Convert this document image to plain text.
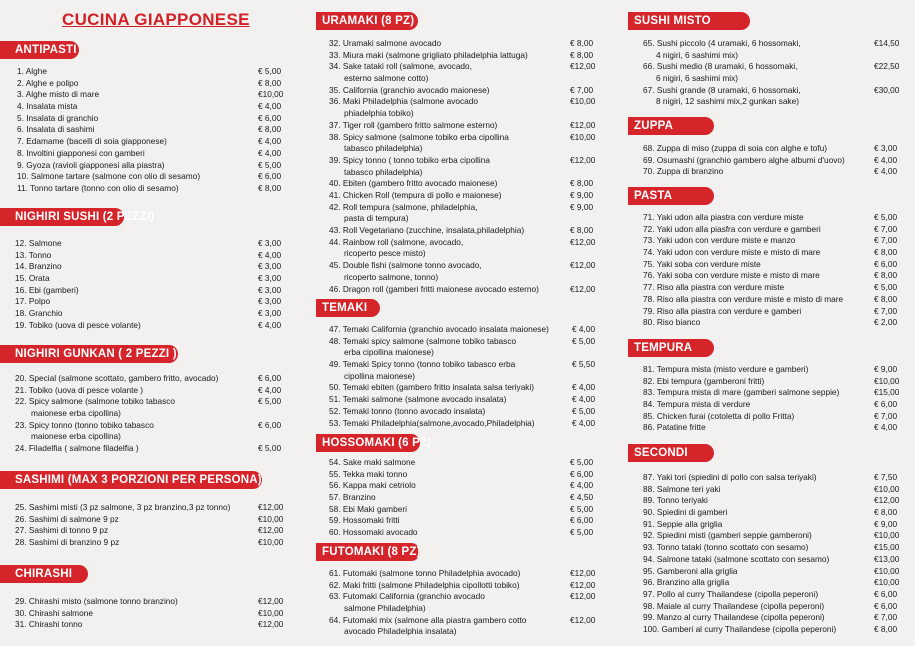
CUCINA GIAPPONESE
ANTIPASTI
1. Alghe	€ 5,00
2. Alghe e polipo	€ 8,00
3. Alghe misto di mare	€10,00
4. Insalata mista	€ 4,00
5. Insalata di granchio	€ 6,00
6. Insalata di sashimi	€ 8,00
7. Edamame (bacelli di soia giapponese)	€ 4,00
8. Involtini giapponesi con gamberi	€ 4,00
9. Gyoza (ravioli giapponesi alla piastra)	€ 5,00
10. Salmone tartare (salmone con olio di sesamo)	€ 6,00
11. Tonno tartare (tonno con olio di sesamo)	€ 8,00
NIGHIRI SUSHI (2 PEZZI)
12. Salmone	€ 3,00
13. Tonno	€ 4,00
14. Branzino	€ 3,00
15. Orata	€ 3,00
16. Ebi (gamberi)	€ 3,00
17. Polpo	€ 3,00
18. Granchio	€ 3,00
19. Tobiko (uova di pesce volante)	€ 4,00
NIGHIRI GUNKAN ( 2 PEZZI )
20. Special (salmone scottato, gambero fritto, avocado)	€ 6,00
21. Tobiko (uova di pesce volante )	€ 4,00
22. Spicy salmone (salmone tobiko tabasco
maionese erba cipollina)
€ 5,00
23. Spicy tonno (tonno tobiko tabasco
maionese erba cipollina)
€ 6,00
24. Filadelfia ( salmone filadelfia )	€ 5,00
SASHIMI (MAX 3 PORZIONI PER PERSONA)
25. Sashimi misti (3 pz salmone, 3 pz branzino,3 pz tonno)	€12,00
26. Sashimi di salmone 9 pz	€10,00
27. Sashimi di tonno 9 pz	€12,00
28. Sashimi di branzino 9 pz	€10,00
CHIRASHI
29. Chirashi misto (salmone tonno branzino)	€12,00
30. Chirashi salmone	€10,00
31. Chirashi tonno	€12,00
URAMAKI (8 PZ)
32. Uramaki salmone avocado	€ 8,00
33. Miura maki (salmone grigliato philadelphia lattuga)	€ 8,00
34. Sake tataki roll (salmone, avocado,
esterno salmone cotto)
€12,00
35. California (granchio avocado maionese)	€ 7,00
36. Maki Philadelphia (salmone avocado
phiadelphia tobiko)
€10,00
37. Tiger roll (gambero fritto salmone esterno)	€12,00
38. Spicy salmone (salmone tobiko erba cipollina
tabasco philadelphia)
€10,00
39. Spicy tonno ( tonno tobiko erba cipollina
tabasco philadelphia)
€12,00
40. Ebiten (gambero fritto avocado maionese)	€ 8,00
41. Chicken Roll (tempura di pollo e maionese)	€ 9,00
42. Roll tempura (salmone, philadelphia,
pasta di tempura)
€ 9,00
43. Roll Vegetariano (zucchine, insalata,philadelphia)	€ 8,00
44. Rainbow roll (salmone, avocado,
ricoperto pesce misto)
€12,00
45. Double fishi (salmone tonno avocado,
ricoperto salmone, tonno)
€12,00
46. Dragon roll (gamberi fritti maionese avocado esterno)	€12,00
TEMAKI
47. Temaki California (granchio avocado insalata maionese)	€ 4,00
48. Temaki spicy salmone (salmone tobiko tabasco
erba cipollina maionese)
€ 5,00
49. Temaki Spicy tonno (tonno tobiko tabasco erba
cipollina maionese)
€ 5,50
50. Temaki ebiten (gambero fritto insalata salsa teriyaki)	€ 4,00
51. Temaki salmone (salmone avocado insalata)	€ 4,00
52. Temaki tonno (tonno avocado insalata)	€ 5,00
53. Temaki Philadelphia(salmone,avocado,Philadelphia)	€ 4,00
HOSSOMAKI (6 PZ)
54. Sake maki salmone	€ 5,00
55. Tekka maki tonno	€ 6,00
56. Kappa maki cetriolo	€ 4,00
57. Branzino	€ 4,50
58. Ebi Maki gamberi	€ 5,00
59. Hossomaki fritti	€ 6,00
60. Hossomaki avocado	€ 5,00
FUTOMAKI (8 PZ)
61. Futomaki (salmone tonno Philadelphia avocado)	€12,00
62. Maki fritti (salmone Philadelphia cipollotti tobiko)	€12,00
63. Futomaki California (granchio avocado
salmone Philadelphia)
€12,00
64. Futomaki mix (salmone alla piastra gambero cotto
avocado Philadelphia insalata)
€12,00
SUSHI MISTO
65. Sushi piccolo (4 uramaki, 6 hossomaki,
4 nigiri, 6 sashimi mix)
€14,50
66. Sushi medio (8 uramaki, 6 hossomaki,
6 nigiri, 6 sashimi mix)
€22,50
67. Sushi grande (8 uramaki, 6 hossomaki,
8 nigiri, 12 sashimi mix,2 gunkan sake)
€30,00
ZUPPA
68. Zuppa di miso (zuppa di soia con alghe e tofu)	€ 3,00
69. Osumashi (granchio gambero alghe albumi d'uovo)	€ 4,00
70. Zuppa di branzino	€ 4,00
PASTA
71. Yaki udon alla piastra con verdure miste	€ 5,00
72. Yaki udon alla piasfra con verdure e gamberi	€ 7,00
73. Yaki udon con verdure miste e manzo	€ 7,00
74. Yaki udon con verdure miste e misto di mare	€ 8,00
75. Yaki soba con verdure miste	€ 6,00
76. Yaki soba con verdure miste e misto di mare	€ 8,00
77. Riso alla piastra con verdure miste	€ 5,00
78. Riso alla piastra con verdure miste e misto di mare	€ 8,00
79. Riso alla piastra con verdure e gamberi	€ 7,00
80. Riso bianco	€ 2,00
TEMPURA
81. Tempura mista (misto verdure e gamberi)	€ 9,00
82. Ebi tempura (gamberoni fritti)	€10,00
83. Tempura mista di mare (gamberi salmone seppie)	€15,00
84. Tempura mista di verdure	€ 6,00
85. Chicken furai (cotoletta di pollo Fritta)	€ 7,00
86. Patatine fritte	€ 4,00
SECONDI
87. Yaki tori (spiedini di pollo con salsa teriyaki)	€ 7,50
88. Salmone teri yaki	€10,00
89. Tonno teriyaki	€12,00
90. Spiedini di gamberi	€ 8,00
91. Seppie alla griglia	€ 9,00
92. Spiedini misti (gamberi seppie gamberoni)	€10,00
93. Tonno tataki (tonno scottato con sesamo)	€15,00
94. Salmone tataki (salmone scottato con sesamo)	€13,00
95. Gamberoni alla griglia	€10,00
96. Branzino alla griglia	€10,00
97. Pollo al curry Thailandese (cipolla peperoni)	€ 6,00
98. Maiale al curry Thailandese (cipolla peperoni)	€ 6,00
99. Manzo al curry Thailandese (cipolla peperoni)	€ 7,00
100. Gamberi al curry Thailandese (cipolla peperoni)	€ 8,00
